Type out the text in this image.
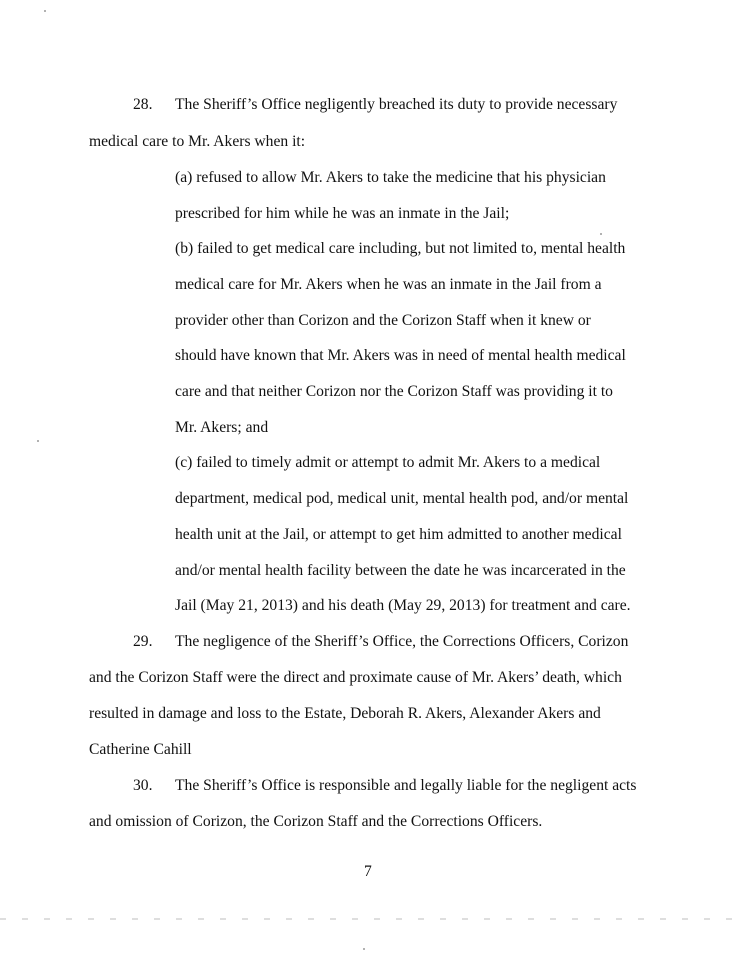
28. The Sheriff’s Office negligently breached its duty to provide necessary
medical care to Mr. Akers when it:
(a) refused to allow Mr. Akers to take the medicine that his physician
prescribed for him while he was an inmate in the Jail;
(b) failed to get medical care including, but not limited to, mental health
medical care for Mr. Akers when he was an inmate in the Jail from a
provider other than Corizon and the Corizon Staff when it knew or
should have known that Mr. Akers was in need of mental health medical
care and that neither Corizon nor the Corizon Staff was providing it to
Mr. Akers; and
(c) failed to timely admit or attempt to admit Mr. Akers to a medical
department, medical pod, medical unit, mental health pod, and/or mental
health unit at the Jail, or attempt to get him admitted to another medical
and/or mental health facility between the date he was incarcerated in the
Jail (May 21, 2013) and his death (May 29, 2013) for treatment and care.
29. The negligence of the Sheriff’s Office, the Corrections Officers, Corizon
and the Corizon Staff were the direct and proximate cause of Mr. Akers’ death, which
resulted in damage and loss to the Estate, Deborah R. Akers, Alexander Akers and
Catherine Cahill
30. The Sheriff’s Office is responsible and legally liable for the negligent acts
and omission of Corizon, the Corizon Staff and the Corrections Officers.
7
